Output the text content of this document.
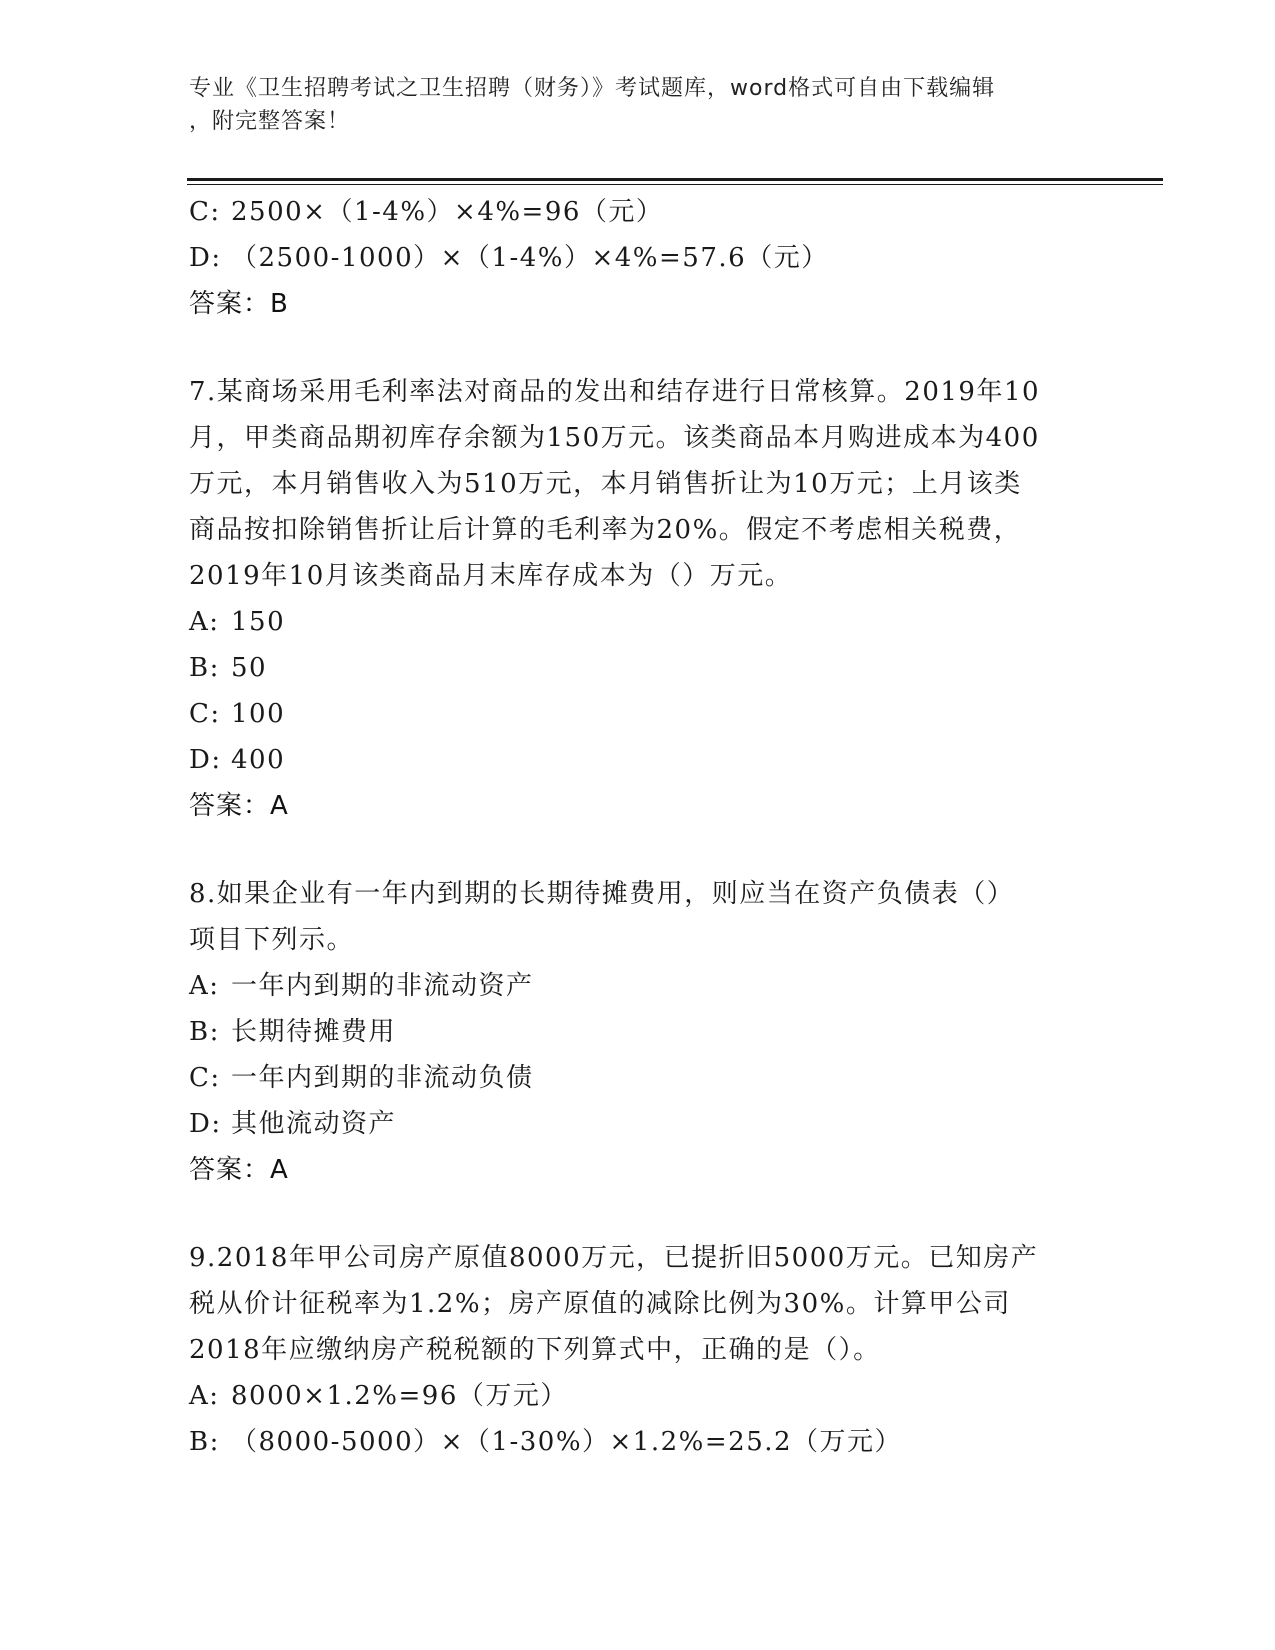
专业《卫生招聘考试之卫生招聘（财务）》考试题库，word格式可自由下载编辑
，附完整答案！
C: 2500×（1-4%）×4%=96（元）
D: （2500-1000）×（1-4%）×4%=57.6（元）
答案：B
7.某商场采用毛利率法对商品的发出和结存进行日常核算。2019年10
月，甲类商品期初库存余额为150万元。该类商品本月购进成本为400
万元，本月销售收入为510万元，本月销售折让为10万元；上月该类
商品按扣除销售折让后计算的毛利率为20%。假定不考虑相关税费，
2019年10月该类商品月末库存成本为（）万元。
A: 150
B: 50
C: 100
D: 400
答案：A
8.如果企业有一年内到期的长期待摊费用，则应当在资产负债表（）
项目下列示。
A: 一年内到期的非流动资产
B: 长期待摊费用
C: 一年内到期的非流动负债
D: 其他流动资产
答案：A
9.2018年甲公司房产原值8000万元，已提折旧5000万元。已知房产
税从价计征税率为1.2%；房产原值的减除比例为30%。计算甲公司
2018年应缴纳房产税税额的下列算式中，正确的是（）。
A: 8000×1.2%=96（万元）
B: （8000-5000）×（1-30%）×1.2%=25.2（万元）
